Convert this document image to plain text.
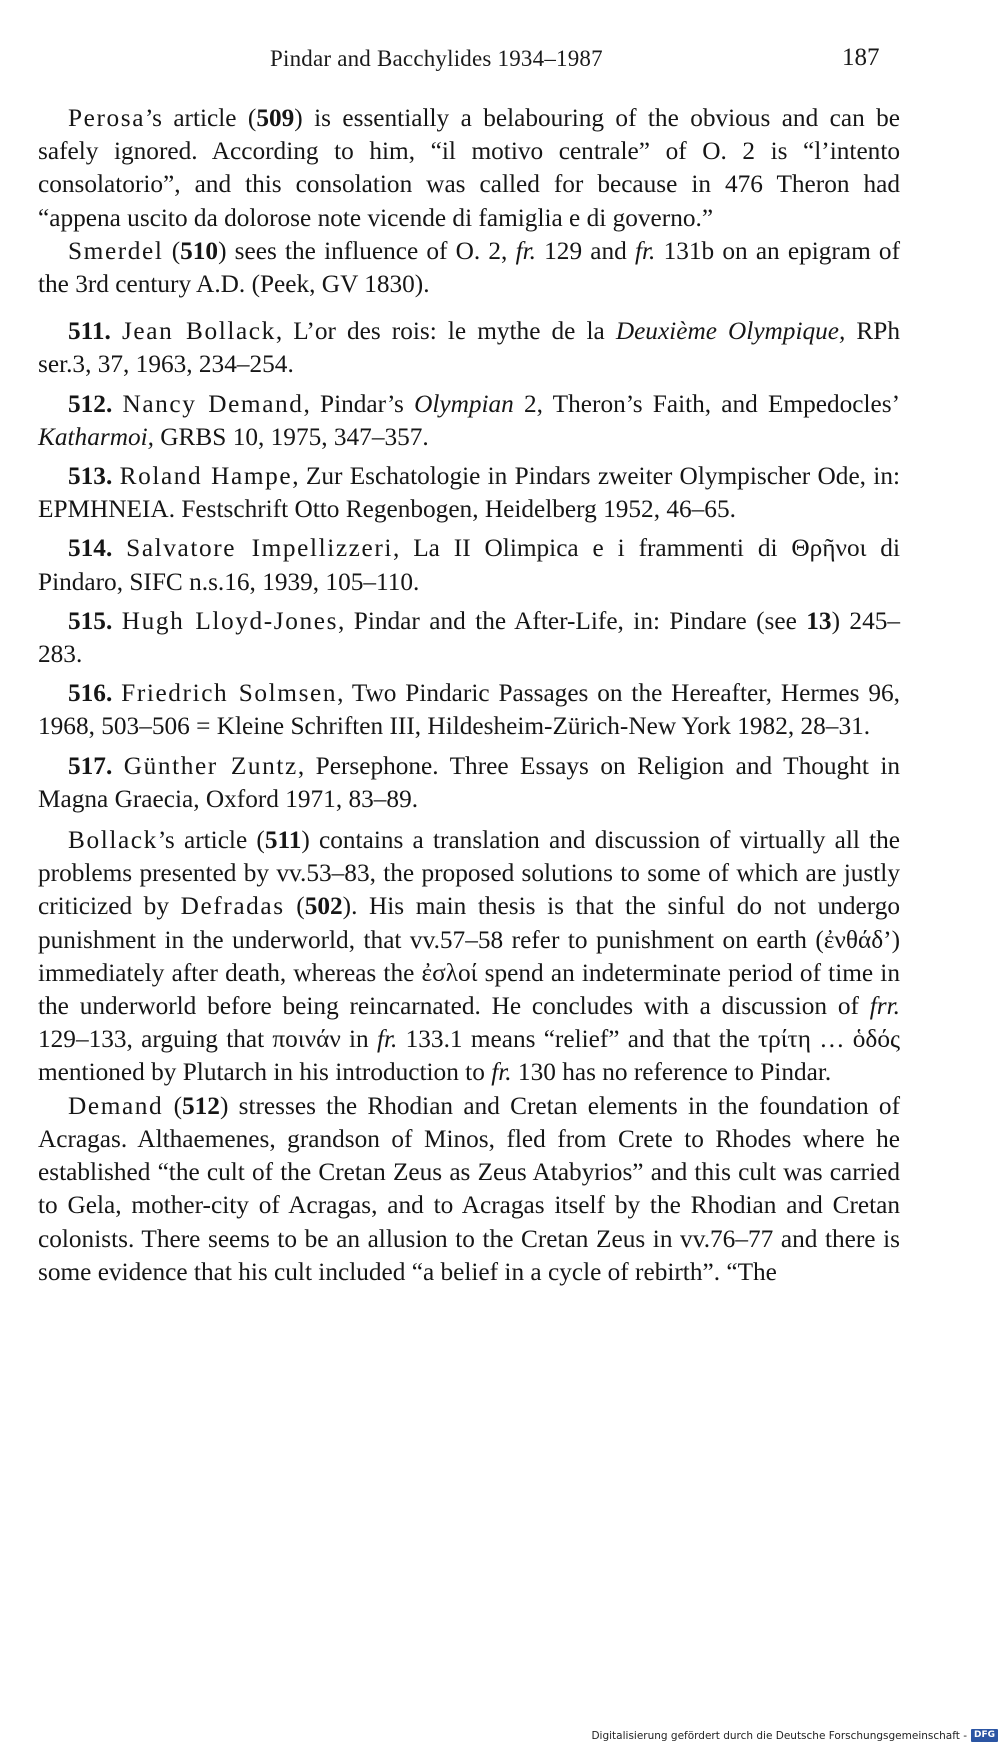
Pindar and Bacchylides 1934–1987	187

Perosa’s article (509) is essentially a belabouring of the obvious and can be safely ignored. According to him, “il motivo centrale” of O. 2 is “l’intento consolatorio”, and this consolation was called for because in 476 Theron had “appena uscito da dolorose note vicende di famiglia e di governo.”

Smerdel (510) sees the influence of O. 2, fr. 129 and fr. 131b on an epigram of the 3rd century A.D. (Peek, GV 1830).

511. Jean Bollack, L’or des rois: le mythe de la Deuxième Olympique, RPh ser.3, 37, 1963, 234–254.

512. Nancy Demand, Pindar’s Olympian 2, Theron’s Faith, and Empedocles’ Katharmoi, GRBS 10, 1975, 347–357.

513. Roland Hampe, Zur Eschatologie in Pindars zweiter Olympischer Ode, in: EPMHNEIA. Festschrift Otto Regenbogen, Heidelberg 1952, 46–65.

514. Salvatore Impellizzeri, La II Olimpica e i frammenti di Θρῆνοι di Pindaro, SIFC n.s.16, 1939, 105–110.

515. Hugh Lloyd-Jones, Pindar and the After-Life, in: Pindare (see 13) 245–283.

516. Friedrich Solmsen, Two Pindaric Passages on the Hereafter, Hermes 96, 1968, 503–506 = Kleine Schriften III, Hildesheim-Zürich-New York 1982, 28–31.

517. Günther Zuntz, Persephone. Three Essays on Religion and Thought in Magna Graecia, Oxford 1971, 83–89.

Bollack’s article (511) contains a translation and discussion of virtually all the problems presented by vv.53–83, the proposed solutions to some of which are justly criticized by Defradas (502). His main thesis is that the sinful do not undergo punishment in the underworld, that vv.57–58 refer to punishment on earth (ἐνθάδ’) immediately after death, whereas the ἐσλοί spend an indeterminate period of time in the underworld before being reincarnated. He concludes with a discussion of frr. 129–133, arguing that ποινάν in fr. 133.1 means “relief” and that the τρίτη … ὁδός mentioned by Plutarch in his introduction to fr. 130 has no reference to Pindar.

Demand (512) stresses the Rhodian and Cretan elements in the foundation of Acragas. Althaemenes, grandson of Minos, fled from Crete to Rhodes where he established “the cult of the Cretan Zeus as Zeus Atabyrios” and this cult was carried to Gela, mother-city of Acragas, and to Acragas itself by the Rhodian and Cretan colonists. There seems to be an allusion to the Cretan Zeus in vv.76–77 and there is some evidence that his cult included “a belief in a cycle of rebirth”. “The

Digitalisierung gefördert durch die Deutsche Forschungsgemeinschaft - DFG
